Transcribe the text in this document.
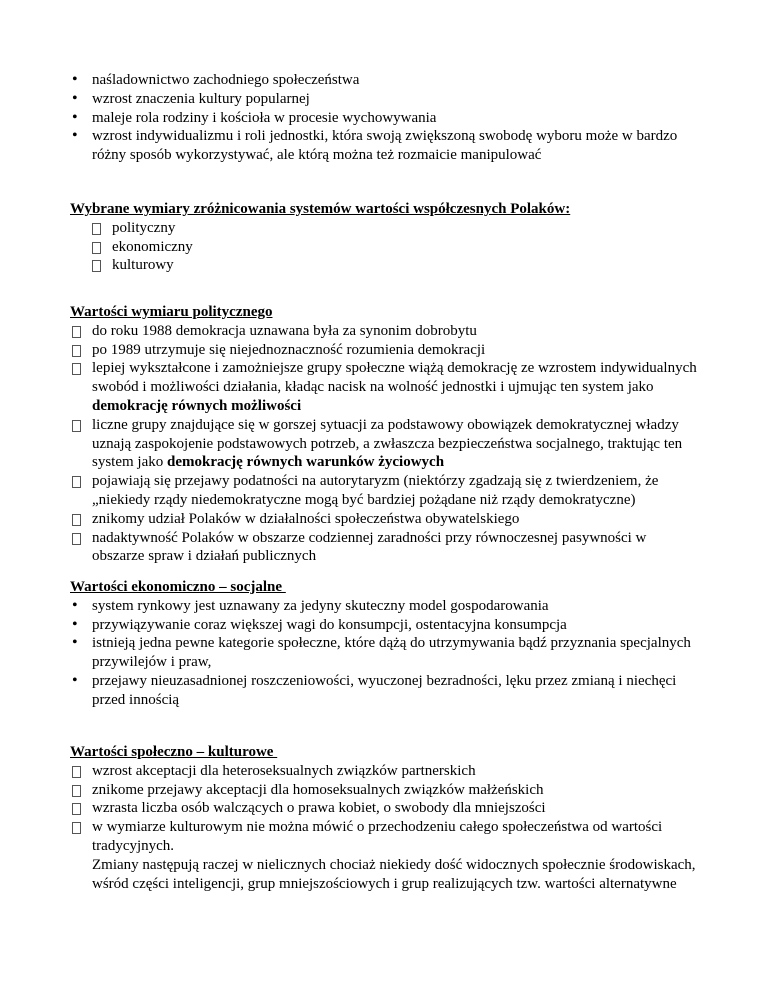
• naśladownictwo zachodniego społeczeństwa
• wzrost znaczenia kultury popularnej
• maleje rola rodziny i kościoła w procesie wychowywania
• wzrost indywidualizmu i roli jednostki, która swoją zwiększoną swobodę wyboru może w bardzo różny sposób wykorzystywać, ale którą można też rozmaicie manipulować
Wybrane wymiary zróżnicowania systemów wartości współczesnych Polaków:
polityczny
ekonomiczny
kulturowy
Wartości wymiaru politycznego
do roku 1988 demokracja uznawana była za synonim dobrobytu
po 1989 utrzymuje się niejednoznaczność rozumienia demokracji
lepiej wykształcone i zamożniejsze grupy społeczne wiążą demokrację ze wzrostem indywidualnych swobód i możliwości działania, kładąc nacisk na wolność jednostki i ujmując ten system jako demokrację równych możliwości
liczne grupy znajdujące się w gorszej sytuacji za podstawowy obowiązek demokratycznej władzy uznają zaspokojenie podstawowych potrzeb, a zwłaszcza bezpieczeństwa socjalnego, traktując ten system jako demokrację równych warunków życiowych
pojawiają się przejawy podatności na autorytaryzm (niektórzy zgadzają się z twierdzeniem, że „niekiedy rządy niedemokratyczne mogą być bardziej pożądane niż rządy demokratyczne)
znikomy udział Polaków w działalności społeczeństwa obywatelskiego
nadaktywność Polaków w obszarze codziennej zaradności przy równoczesnej pasywności w obszarze spraw i działań publicznych
Wartości ekonomiczno – socjalne
• system rynkowy jest uznawany za jedyny skuteczny model gospodarowania
• przywiązywanie coraz większej wagi do konsumpcji, ostentacyjna konsumpcja
• istnieją jedna pewne kategorie społeczne, które dążą do utrzymywania bądź przyznania specjalnych przywilejów i praw,
• przejawy nieuzasadnionej roszczeniowości, wyuczonej bezradności, lęku przez zmianą i niechęci przed innością
Wartości społeczno – kulturowe
wzrost akceptacji dla heteroseksualnych związków partnerskich
znikome przejawy akceptacji dla homoseksualnych związków małżeńskich
wzrasta liczba osób walczących o prawa kobiet, o swobody dla mniejszości
w wymiarze kulturowym nie można mówić o przechodzeniu całego społeczeństwa od wartości tradycyjnych.
Zmiany następują raczej w nielicznych chociaż niekiedy dość widocznych społecznie środowiskach, wśród części inteligencji, grup mniejszościowych i grup realizujących tzw. wartości alternatywne
